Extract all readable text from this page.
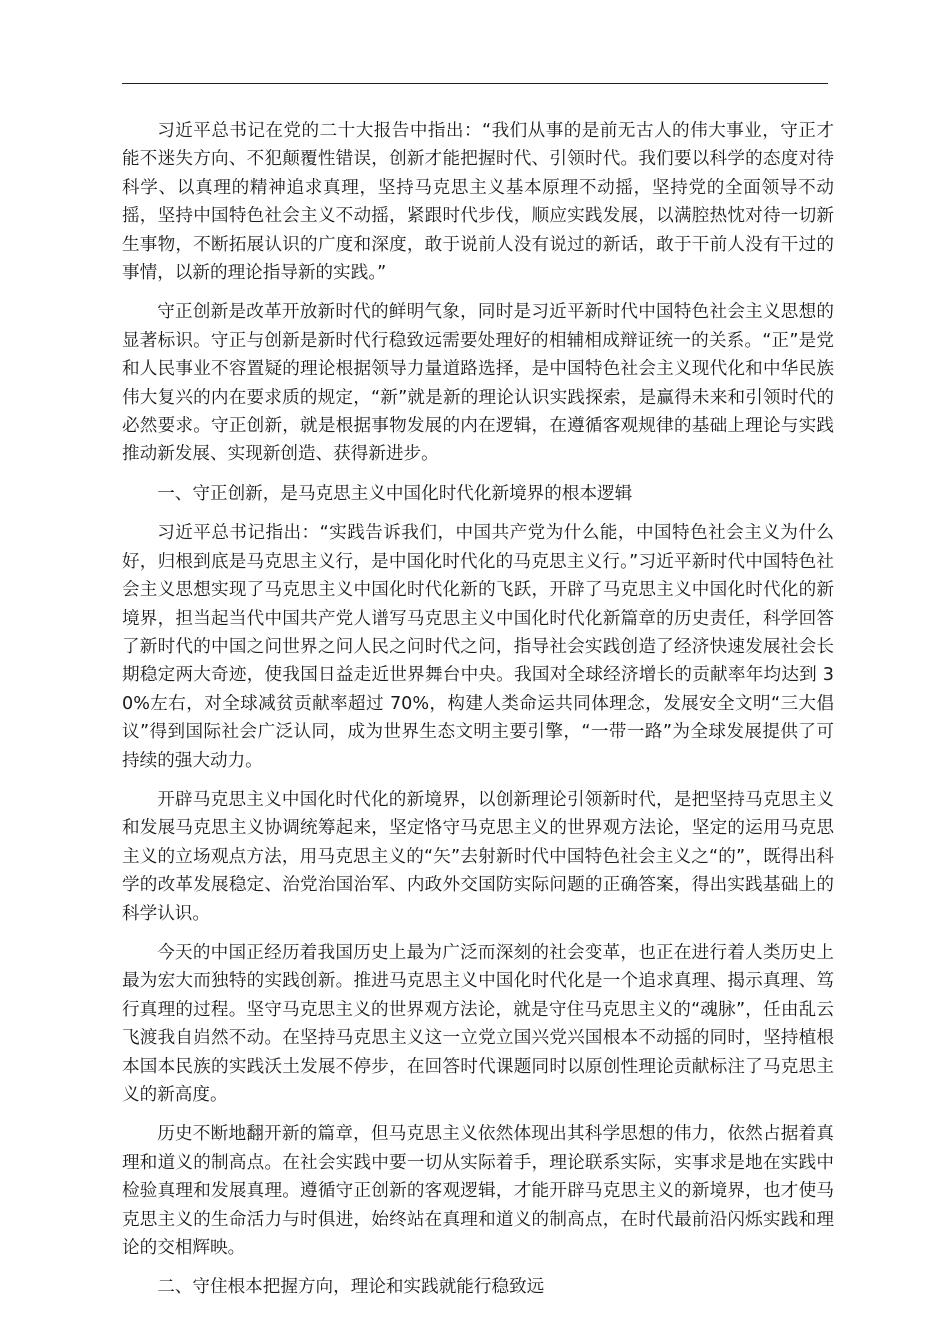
习近平总书记在党的二十大报告中指出：“我们从事的是前无古人的伟大事业，守正才能不迷失方向、不犯颠覆性错误，创新才能把握时代、引领时代。我们要以科学的态度对待科学、以真理的精神追求真理，坚持马克思主义基本原理不动摇，坚持党的全面领导不动摇，坚持中国特色社会主义不动摇，紧跟时代步伐，顺应实践发展，以满腔热忱对待一切新生事物，不断拓展认识的广度和深度，敢于说前人没有说过的新话，敢于干前人没有干过的事情，以新的理论指导新的实践。”

守正创新是改革开放新时代的鲜明气象，同时是习近平新时代中国特色社会主义思想的显著标识。守正与创新是新时代行稳致远需要处理好的相辅相成辩证统一的关系。“正”是党和人民事业不容置疑的理论根据领导力量道路选择，是中国特色社会主义现代化和中华民族伟大复兴的内在要求质的规定，“新”就是新的理论认识实践探索，是赢得未来和引领时代的必然要求。守正创新，就是根据事物发展的内在逻辑，在遵循客观规律的基础上理论与实践推动新发展、实现新创造、获得新进步。

一、守正创新，是马克思主义中国化时代化新境界的根本逻辑

习近平总书记指出：“实践告诉我们，中国共产党为什么能，中国特色社会主义为什么好，归根到底是马克思主义行，是中国化时代化的马克思主义行。”习近平新时代中国特色社会主义思想实现了马克思主义中国化时代化新的飞跃，开辟了马克思主义中国化时代化的新境界，担当起当代中国共产党人谱写马克思主义中国化时代化新篇章的历史责任，科学回答了新时代的中国之问世界之问人民之问时代之问，指导社会实践创造了经济快速发展社会长期稳定两大奇迹，使我国日益走近世界舞台中央。我国对全球经济增长的贡献率年均达到 30%左右，对全球减贫贡献率超过 70%，构建人类命运共同体理念，发展安全文明“三大倡议”得到国际社会广泛认同，成为世界生态文明主要引擎，“一带一路”为全球发展提供了可持续的强大动力。

开辟马克思主义中国化时代化的新境界，以创新理论引领新时代，是把坚持马克思主义和发展马克思主义协调统筹起来，坚定恪守马克思主义的世界观方法论，坚定的运用马克思主义的立场观点方法，用马克思主义的“矢”去射新时代中国特色社会主义之“的”，既得出科学的改革发展稳定、治党治国治军、内政外交国防实际问题的正确答案，得出实践基础上的科学认识。

今天的中国正经历着我国历史上最为广泛而深刻的社会变革，也正在进行着人类历史上最为宏大而独特的实践创新。推进马克思主义中国化时代化是一个追求真理、揭示真理、笃行真理的过程。坚守马克思主义的世界观方法论，就是守住马克思主义的“魂脉”，任由乱云飞渡我自岿然不动。在坚持马克思主义这一立党立国兴党兴国根本不动摇的同时，坚持植根本国本民族的实践沃土发展不停步，在回答时代课题同时以原创性理论贡献标注了马克思主义的新高度。

历史不断地翻开新的篇章，但马克思主义依然体现出其科学思想的伟力，依然占据着真理和道义的制高点。在社会实践中要一切从实际着手，理论联系实际，实事求是地在实践中检验真理和发展真理。遵循守正创新的客观逻辑，才能开辟马克思主义的新境界，也才使马克思主义的生命活力与时俱进，始终站在真理和道义的制高点，在时代最前沿闪烁实践和理论的交相辉映。

二、守住根本把握方向，理论和实践就能行稳致远
